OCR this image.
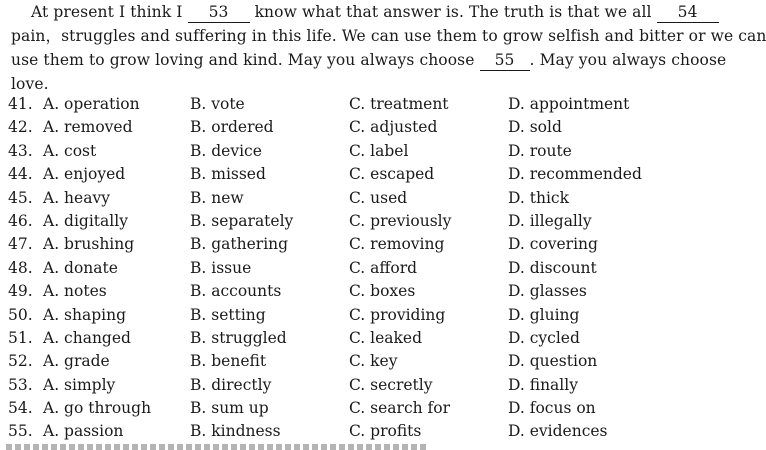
At present I think I 53 know what that answer is. The truth is that we all 54
pain，struggles and suffering in this life. We can use them to grow selfish and bitter or we can
use them to grow loving and kind. May you always choose 55 . May you always choose
love.
41. A. operation	B. vote	C. treatment	D. appointment
42. A. removed	B. ordered	C. adjusted	D. sold
43. A. cost	B. device	C. label	D. route
44. A. enjoyed	B. missed	C. escaped	D. recommended
45. A. heavy	B. new	C. used	D. thick
46. A. digitally	B. separately	C. previously	D. illegally
47. A. brushing	B. gathering	C. removing	D. covering
48. A. donate	B. issue	C. afford	D. discount
49. A. notes	B. accounts	C. boxes	D. glasses
50. A. shaping	B. setting	C. providing	D. gluing
51. A. changed	B. struggled	C. leaked	D. cycled
52. A. grade	B. benefit	C. key	D. question
53. A. simply	B. directly	C. secretly	D. finally
54. A. go through	B. sum up	C. search for	D. focus on
55. A. passion	B. kindness	C. profits	D. evidences
